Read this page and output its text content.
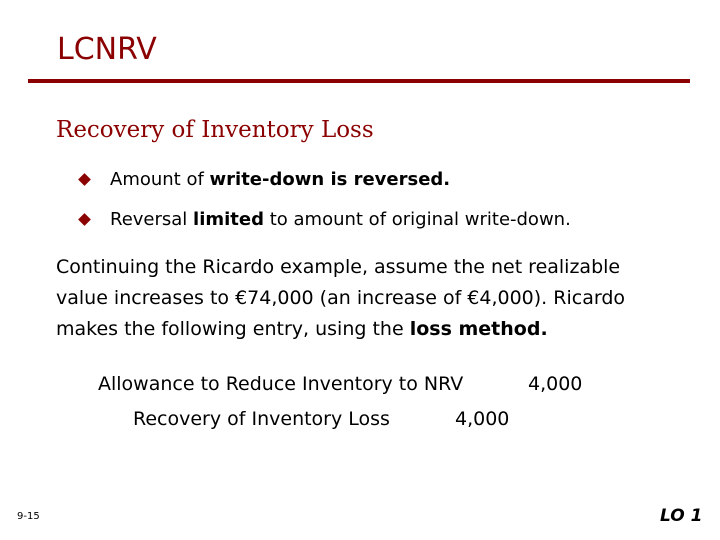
LCNRV
Recovery of Inventory Loss
Amount of write-down is reversed.
Reversal limited to amount of original write-down.

Continuing the Ricardo example, assume the net realizable value increases to €74,000 (an increase of €4,000). Ricardo makes the following entry, using the loss method.

Allowance to Reduce Inventory to NRV	4,000
Recovery of Inventory Loss	4,000
9-15	LO 1
